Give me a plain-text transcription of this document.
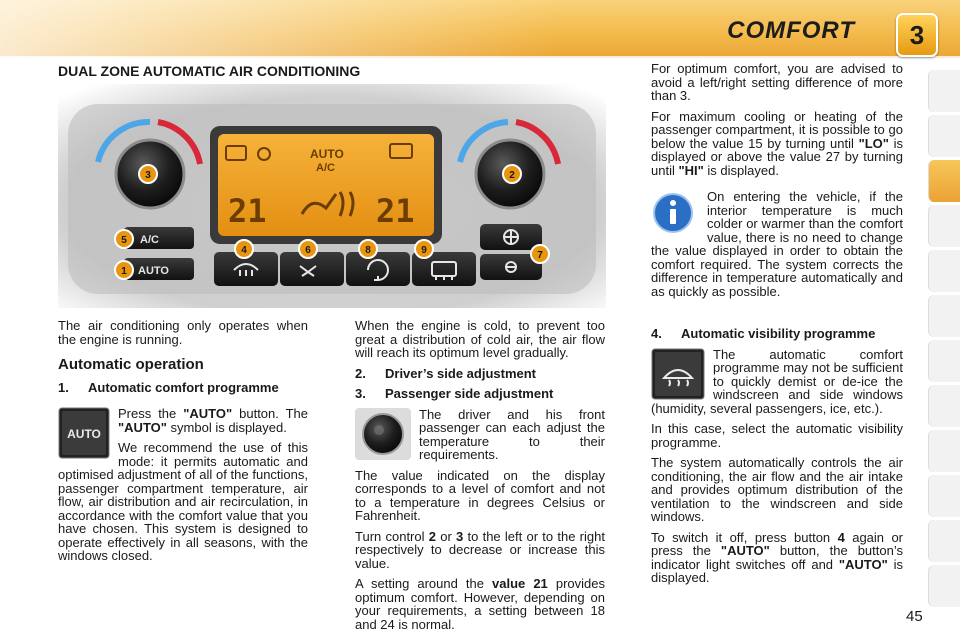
COMFORT	3
DUAL ZONE AUTOMATIC AIR CONDITIONING
AUTO
A/C
21	21
A/C
AUTO
1
2
3
4
5
6	7
8	9

The air conditioning only operates when the engine is running.

Automatic operation
1. Automatic comfort programme
AUTO

Press the "AUTO" button. The "AUTO" symbol is displayed.

We recommend the use of this mode: it permits automatic and optimised adjustment of all of the functions, passenger compartment temperature, air flow, air distribution and air recirculation, in accordance with the comfort value that you have chosen. This system is designed to operate effectively in all seasons, with the windows closed.

When the engine is cold, to prevent too great a distribution of cold air, the air flow will reach its optimum level gradually.

2. Driver’s side adjustment
3. Passenger side adjustment

The driver and his front passenger can each adjust the temperature to their requirements.

The value indicated on the display corresponds to a level of comfort and not to a temperature in degrees Celsius or Fahrenheit.

Turn control 2 or 3 to the left or to the right respectively to decrease or increase this value.

A setting around the value 21 provides optimum comfort. However, depending on your requirements, a setting between 18 and 24 is normal.

For optimum comfort, you are advised to avoid a left/right setting difference of more than 3.

For maximum cooling or heating of the passenger compartment, it is possible to go below the value 15 by turning until "LO" is displayed or above the value 27 by turning until "HI" is displayed.

On entering the vehicle, if the interior temperature is much colder or warmer than the comfort value, there is no need to change the value displayed in order to obtain the comfort required. The system corrects the difference in temperature automatically and as quickly as possible.

4. Automatic visibility programme

The automatic comfort programme may not be sufficient to quickly demist or de-ice the windscreen and side windows (humidity, several passengers, ice, etc.).

In this case, select the automatic visibility programme.

The system automatically controls the air conditioning, the air flow and the air intake and provides optimum distribution of the ventilation to the windscreen and side windows.

To switch it off, press button 4 again or press the "AUTO" button, the button’s indicator light switches off and "AUTO" is displayed.

45
